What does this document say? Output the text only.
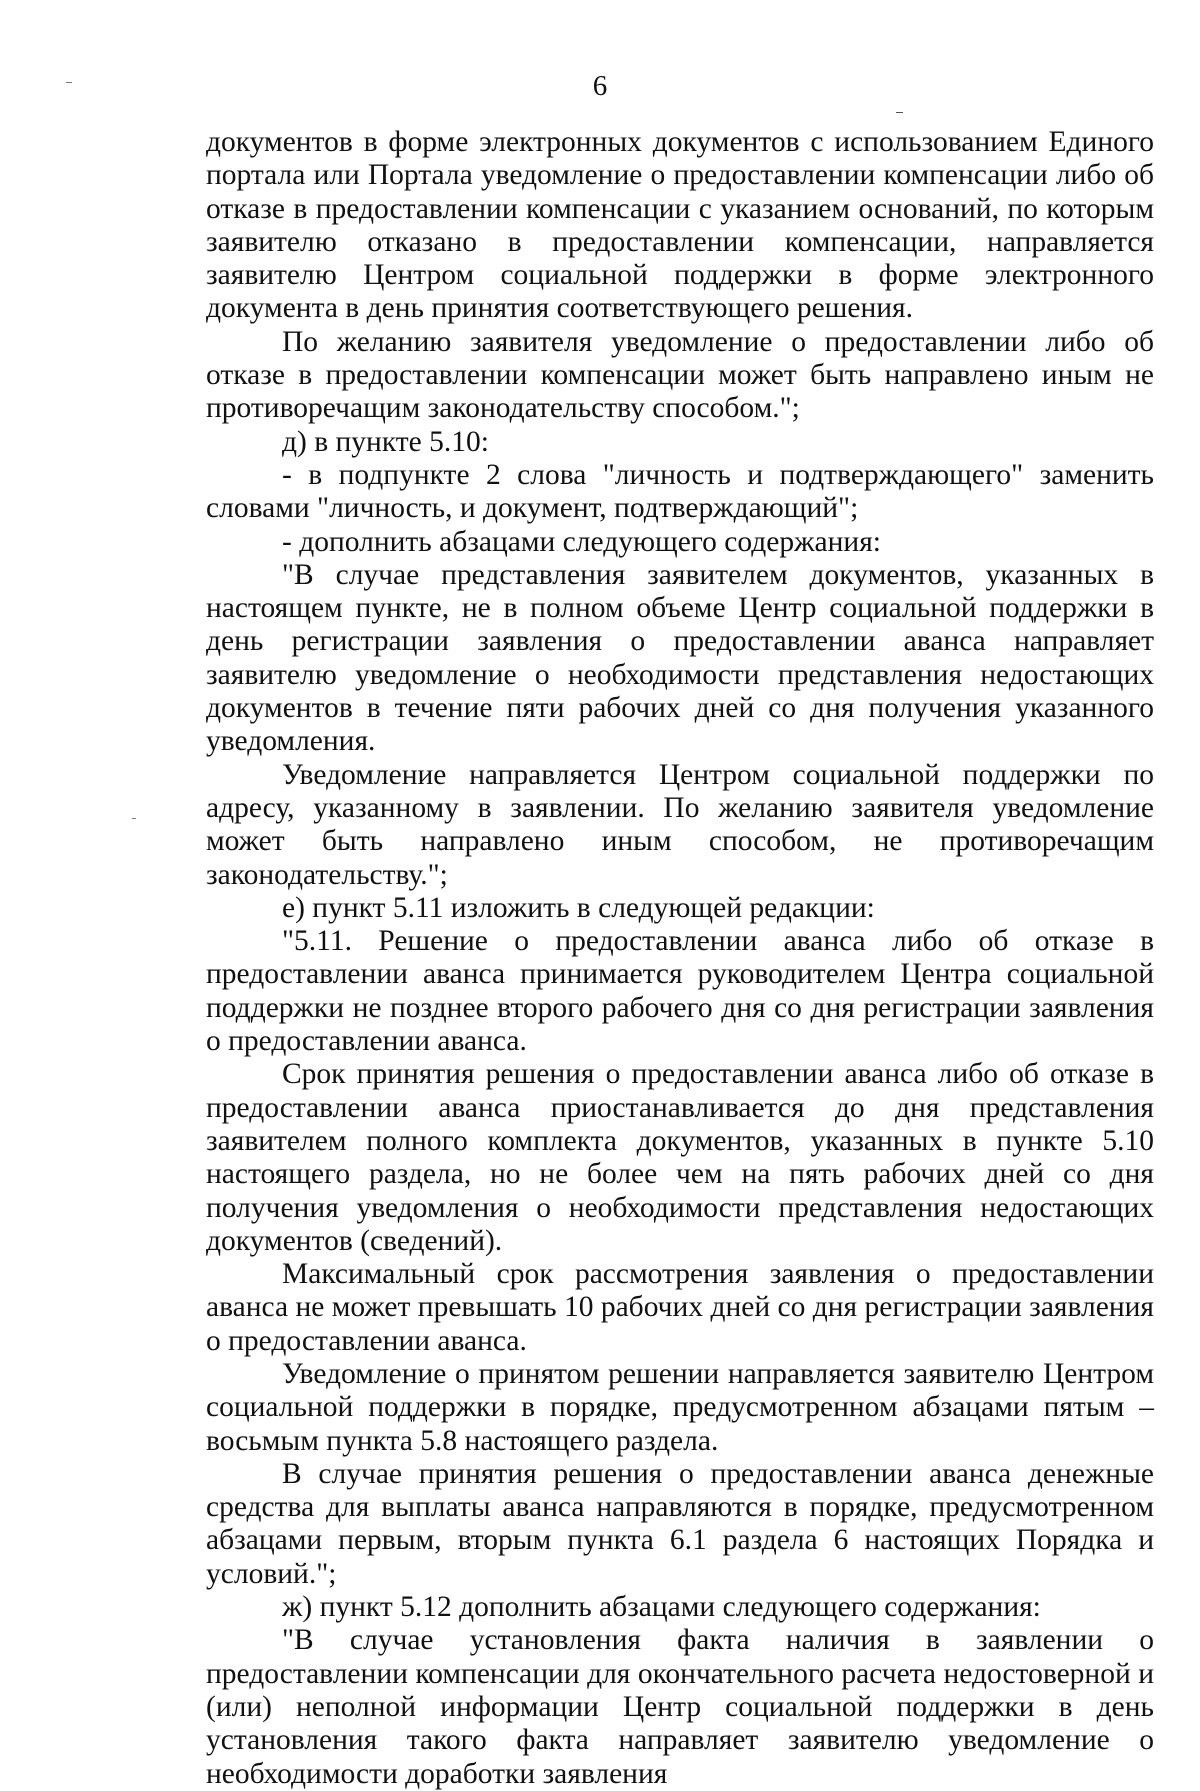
6

документов в форме электронных документов с использованием Единого портала или Портала уведомление о предоставлении компенсации либо об отказе в предоставлении компенсации с указанием оснований, по которым заявителю отказано в предоставлении компенсации, направляется заявителю Центром социальной поддержки в форме электронного документа в день принятия соответствующего решения.

По желанию заявителя уведомление о предоставлении либо об отказе в предоставлении компенсации может быть направлено иным не противоречащим законодательству способом.";

д) в пункте 5.10:

- в подпункте 2 слова "личность и подтверждающего" заменить словами "личность, и документ, подтверждающий";

- дополнить абзацами следующего содержания:

"В случае представления заявителем документов, указанных в настоящем пункте, не в полном объеме Центр социальной поддержки в день регистрации заявления о предоставлении аванса направляет заявителю уведомление о необходимости представления недостающих документов в течение пяти рабочих дней со дня получения указанного уведомления.

Уведомление направляется Центром социальной поддержки по адресу, указанному в заявлении. По желанию заявителя уведомление может быть направлено иным способом, не противоречащим законодательству.";

е) пункт 5.11 изложить в следующей редакции:

"5.11. Решение о предоставлении аванса либо об отказе в предоставлении аванса принимается руководителем Центра социальной поддержки не позднее второго рабочего дня со дня регистрации заявления о предоставлении аванса.

Срок принятия решения о предоставлении аванса либо об отказе в предоставлении аванса приостанавливается до дня представления заявителем полного комплекта документов, указанных в пункте 5.10 настоящего раздела, но не более чем на пять рабочих дней со дня получения уведомления о необходимости представления недостающих документов (сведений).

Максимальный срок рассмотрения заявления о предоставлении аванса не может превышать 10 рабочих дней со дня регистрации заявления о предоставлении аванса.

Уведомление о принятом решении направляется заявителю Центром социальной поддержки в порядке, предусмотренном абзацами пятым – восьмым пункта 5.8 настоящего раздела.

В случае принятия решения о предоставлении аванса денежные средства для выплаты аванса направляются в порядке, предусмотренном абзацами первым, вторым пункта 6.1 раздела 6 настоящих Порядка и условий.";

ж) пункт 5.12 дополнить абзацами следующего содержания:

"В случае установления факта наличия в заявлении о предоставлении компенсации для окончательного расчета недостоверной и (или) неполной информации Центр социальной поддержки в день установления такого факта направляет заявителю уведомление о необходимости доработки заявления
